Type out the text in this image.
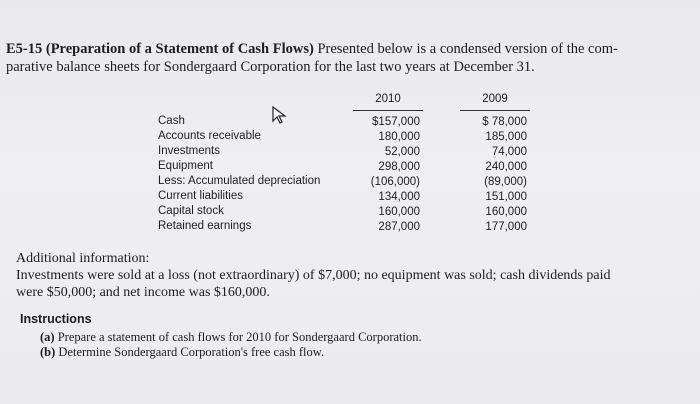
E5-15 (Preparation of a Statement of Cash Flows) Presented below is a condensed version of the com-
parative balance sheets for Sondergaard Corporation for the last two years at December 31.
Cash
Accounts receivable
Investments
Equipment
Less: Accumulated depreciation
Current liabilities
Capital stock
Retained earnings
2010
$157,000
180,000
52,000
298,000
(106,000)
134,000
160,000
287,000
2009
$ 78,000
185,000
74,000
240,000
(89,000)
151,000
160,000
177,000
Additional information:
Investments were sold at a loss (not extraordinary) of $7,000; no equipment was sold; cash dividends paid
were $50,000; and net income was $160,000.
Instructions
(a) Prepare a statement of cash flows for 2010 for Sondergaard Corporation.
(b) Determine Sondergaard Corporation's free cash flow.
